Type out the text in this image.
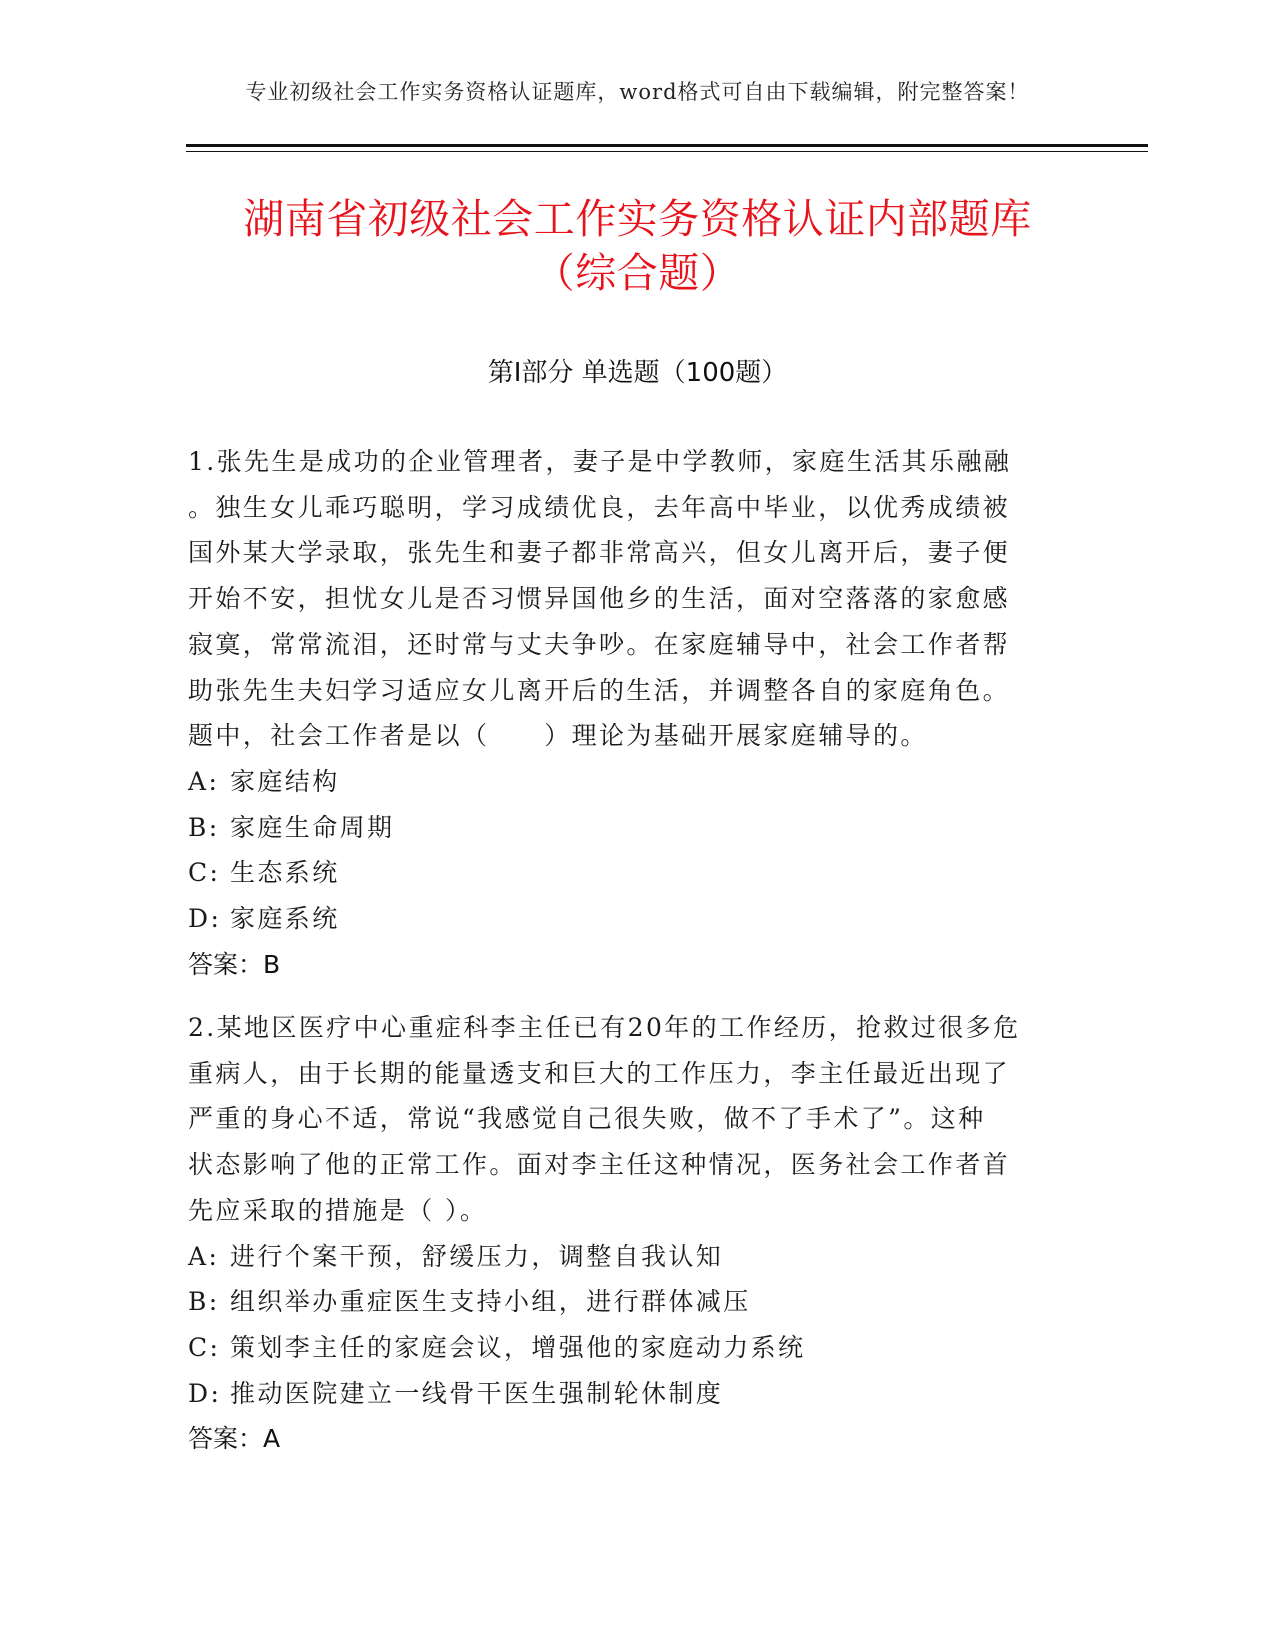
专业初级社会工作实务资格认证题库，word格式可自由下载编辑，附完整答案！
湖南省初级社会工作实务资格认证内部题库
（综合题）
第Ⅰ部分 单选题（100题）
1.张先生是成功的企业管理者，妻子是中学教师，家庭生活其乐融融
。独生女儿乖巧聪明，学习成绩优良，去年高中毕业，以优秀成绩被
国外某大学录取，张先生和妻子都非常高兴，但女儿离开后，妻子便
开始不安，担忧女儿是否习惯异国他乡的生活，面对空落落的家愈感
寂寞，常常流泪，还时常与丈夫争吵。在家庭辅导中，社会工作者帮
助张先生夫妇学习适应女儿离开后的生活，并调整各自的家庭角色。
题中，社会工作者是以（　　）理论为基础开展家庭辅导的。
A: 家庭结构
B: 家庭生命周期
C: 生态系统
D: 家庭系统
答案：B
2.某地区医疗中心重症科李主任已有20年的工作经历，抢救过很多危
重病人，由于长期的能量透支和巨大的工作压力，李主任最近出现了
严重的身心不适，常说“我感觉自己很失败，做不了手术了”。这种
状态影响了他的正常工作。面对李主任这种情况，医务社会工作者首
先应采取的措施是（ ）。
A: 进行个案干预，舒缓压力，调整自我认知
B: 组织举办重症医生支持小组，进行群体减压
C: 策划李主任的家庭会议，增强他的家庭动力系统
D: 推动医院建立一线骨干医生强制轮休制度
答案：A
